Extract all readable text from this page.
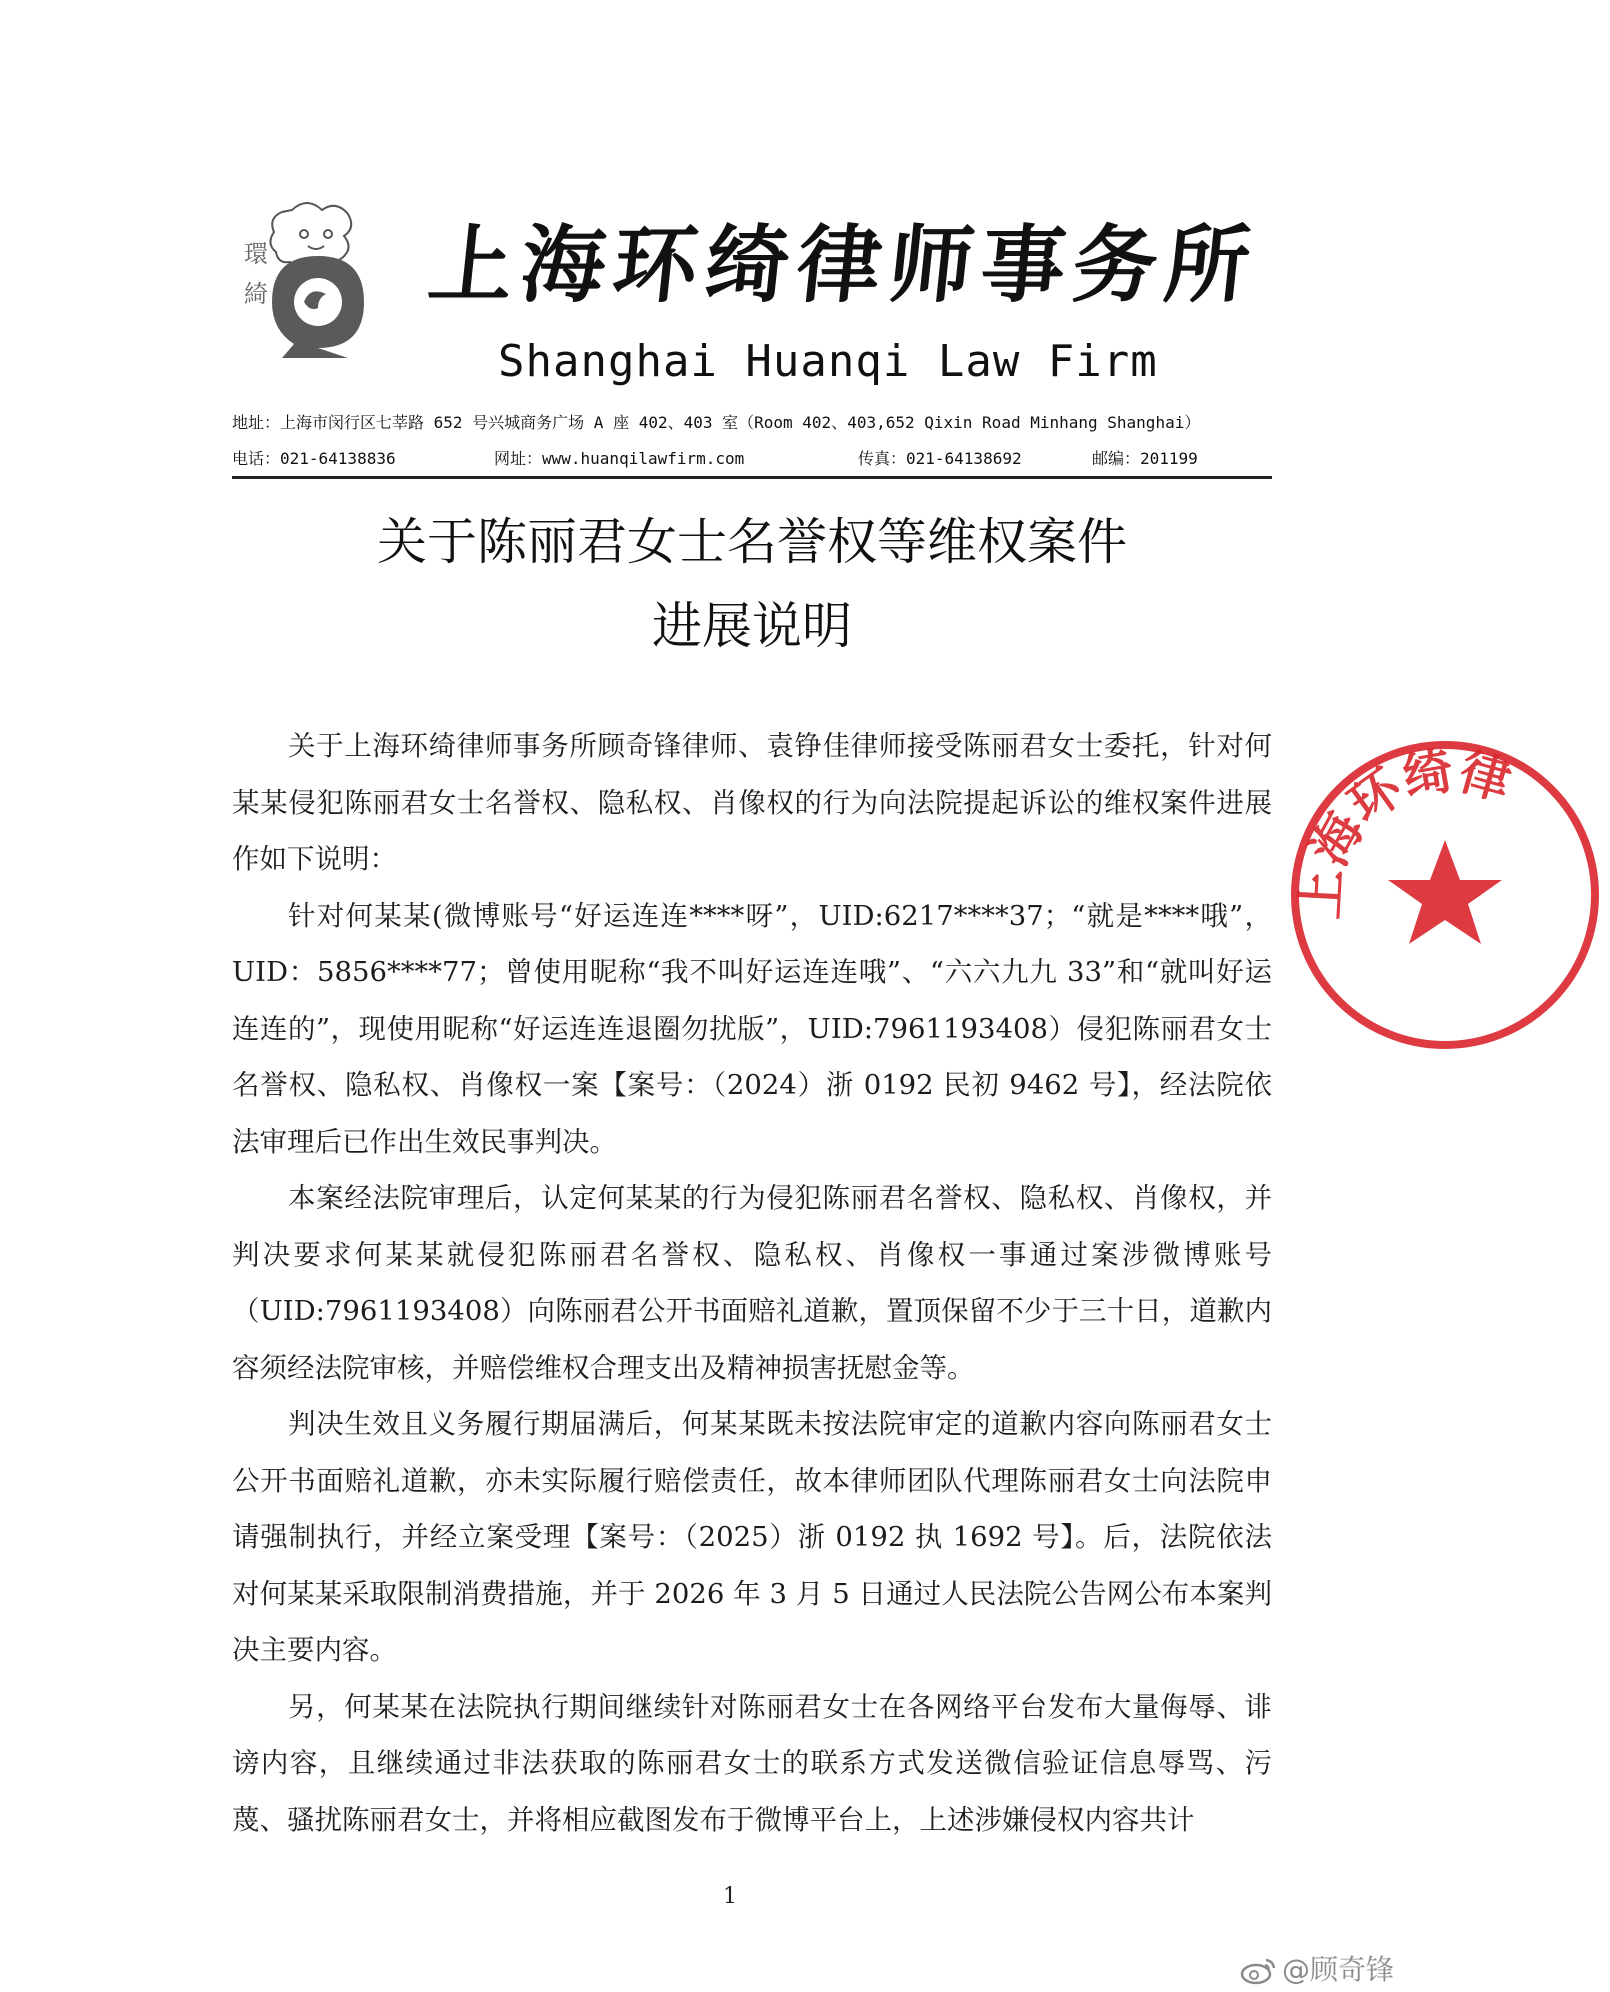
環
綺 上海环绮律师事务所
Shanghai Huanqi Law Firm
地址：上海市闵行区七莘路 652 号兴城商务广场 A 座 402、403 室（Room 402、403,652 Qixin Road Minhang Shanghai）
电话：021-64138836	网址：www.huanqilawfirm.com	传真：021-64138692	邮编：201199
关于陈丽君女士名誉权等维权案件
进展说明

关于上海环绮律师事务所顾奇锋律师、袁铮佳律师接受陈丽君女士委托，针对何某某侵犯陈丽君女士名誉权、隐私权、肖像权的行为向法院提起诉讼的维权案件进展作如下说明：

针对何某某(微博账号“好运连连****呀”，UID:6217****37；“就是****哦”，UID：5856****77；曾使用昵称“我不叫好运连连哦”、“六六九九 33”和“就叫好运连连的”，现使用昵称“好运连连退圈勿扰版”，UID:7961193408）侵犯陈丽君女士名誉权、隐私权、肖像权一案【案号：（2024）浙 0192 民初 9462 号】，经法院依法审理后已作出生效民事判决。

本案经法院审理后，认定何某某的行为侵犯陈丽君名誉权、隐私权、肖像权，并判决要求何某某就侵犯陈丽君名誉权、隐私权、肖像权一事通过案涉微博账号（UID:7961193408）向陈丽君公开书面赔礼道歉，置顶保留不少于三十日，道歉内容须经法院审核，并赔偿维权合理支出及精神损害抚慰金等。

判决生效且义务履行期届满后，何某某既未按法院审定的道歉内容向陈丽君女士公开书面赔礼道歉，亦未实际履行赔偿责任，故本律师团队代理陈丽君女士向法院申请强制执行，并经立案受理【案号：（2025）浙 0192 执 1692 号】。后，法院依法对何某某采取限制消费措施，并于 2026 年 3 月 5 日通过人民法院公告网公布本案判决主要内容。

另，何某某在法院执行期间继续针对陈丽君女士在各网络平台发布大量侮辱、诽谤内容，且继续通过非法获取的陈丽君女士的联系方式发送微信验证信息辱骂、污蔑、骚扰陈丽君女士，并将相应截图发布于微博平台上，上述涉嫌侵权内容共计

1
上海环绮律
@顾奇锋
